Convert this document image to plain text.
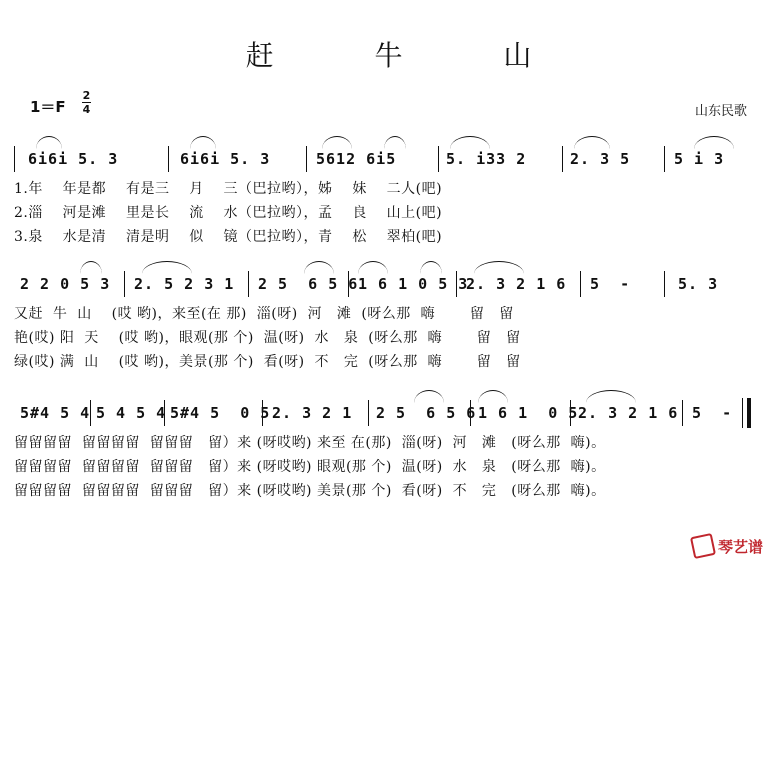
赶 牛 山
1＝F
2
4	山东民歌

6i6i 5. 3

	6i6i 5. 3

	5612 6i5

	5. i33 2

	2. 3 5

	5 i 3

1.年    年是都    有是三    月    三（巴拉哟），姊    妹    二人(吧)
2.淄    河是滩    里是长    流    水（巴拉哟），孟    良    山上(吧)
3.泉    水是清    清是明    似    镜（巴拉哟），青    松    翠柏(吧)

2 2 0 5 3

2. 5 2 3 1

2 5  6 5 6

1 6 1 0 5 3

2. 3 2 1 6

5  -

	5. 3

又赶  牛  山    (哎 哟)，来至(在 那)  淄(呀)  河   滩  (呀么那  嗨       留   留
艳(哎) 阳  天    (哎 哟)，眼观(那 个)  温(呀)  水   泉  (呀么那  嗨       留   留
绿(哎) 满  山    (哎 哟)，美景(那 个)  看(呀)  不   完  (呀么那  嗨       留   留

5#4 5 4

5 4 5 4

5#4 5  0 5

2. 3 2 1

2 5  6 5 6

1 6 1  0 5

2. 3 2 1 6

5  -

留留留留  留留留留  留留留   留）来 (呀哎哟) 来至 在(那)  淄(呀)  河   滩   (呀么那  嗨)。
留留留留  留留留留  留留留   留）来 (呀哎哟) 眼观(那 个)  温(呀)  水   泉   (呀么那  嗨)。
留留留留  留留留留  留留留   留）来 (呀哎哟) 美景(那 个)  看(呀)  不   完   (呀么那  嗨)。
琴艺谱
